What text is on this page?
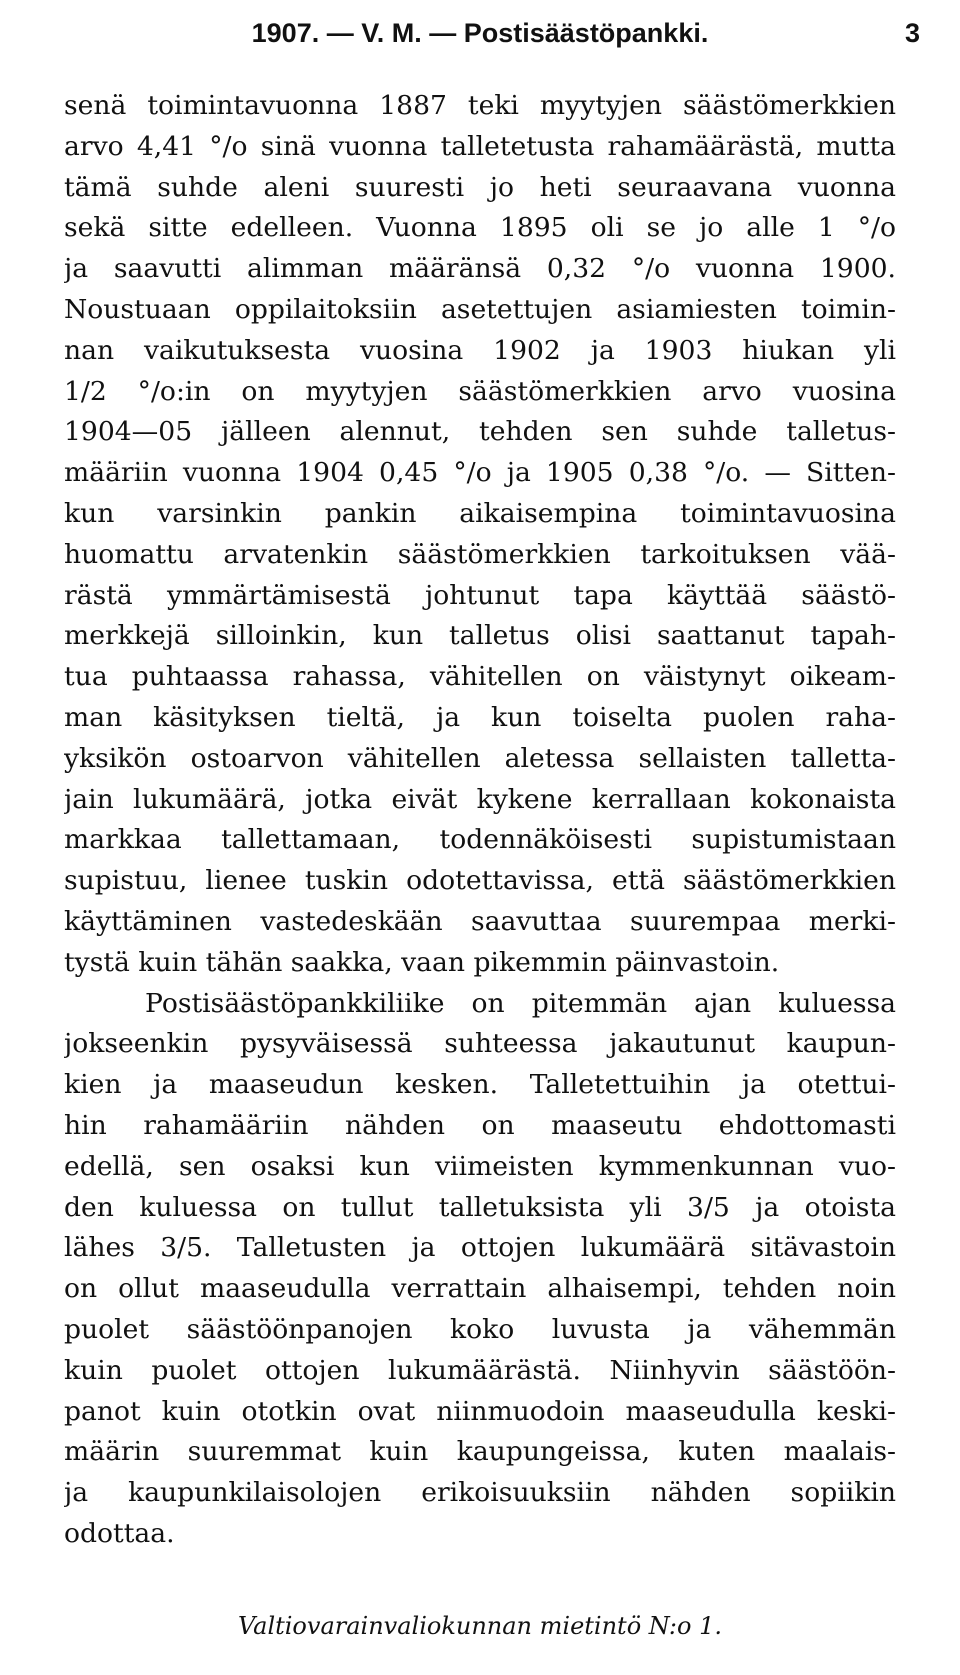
1907. — V. M. — Postisäästöpankki.	3
senä toimintavuonna 1887 teki myytyjen säästömerkkien
arvo 4,41 °/o sinä vuonna talletetusta rahamäärästä, mutta
tämä suhde aleni suuresti jo heti seuraavana vuonna
sekä sitte edelleen. Vuonna 1895 oli se jo alle 1 °/o
ja saavutti alimman määränsä 0,32 °/o vuonna 1900.
Noustuaan oppilaitoksiin asetettujen asiamiesten toimin-
nan vaikutuksesta vuosina 1902 ja 1903 hiukan yli
1/2 °/o:in on myytyjen säästömerkkien arvo vuosina
1904—05 jälleen alennut, tehden sen suhde talletus-
määriin vuonna 1904 0,45 °/o ja 1905 0,38 °/o. — Sitten-
kun varsinkin pankin aikaisempina toimintavuosina
huomattu arvatenkin säästömerkkien tarkoituksen vää-
rästä ymmärtämisestä johtunut tapa käyttää säästö-
merkkejä silloinkin, kun talletus olisi saattanut tapah-
tua puhtaassa rahassa, vähitellen on väistynyt oikeam-
man käsityksen tieltä, ja kun toiselta puolen raha-
yksikön ostoarvon vähitellen aletessa sellaisten talletta-
jain lukumäärä, jotka eivät kykene kerrallaan kokonaista
markkaa tallettamaan, todennäköisesti supistumistaan
supistuu, lienee tuskin odotettavissa, että säästömerkkien
käyttäminen vastedeskään saavuttaa suurempaa merki-
tystä kuin tähän saakka, vaan pikemmin päinvastoin.
Postisäästöpankkiliike on pitemmän ajan kuluessa
jokseenkin pysyväisessä suhteessa jakautunut kaupun-
kien ja maaseudun kesken. Talletettuihin ja otettui-
hin rahamääriin nähden on maaseutu ehdottomasti
edellä, sen osaksi kun viimeisten kymmenkunnan vuo-
den kuluessa on tullut talletuksista yli 3/5 ja otoista
lähes 3/5. Talletusten ja ottojen lukumäärä sitävastoin
on ollut maaseudulla verrattain alhaisempi, tehden noin
puolet säästöönpanojen koko luvusta ja vähemmän
kuin puolet ottojen lukumäärästä. Niinhyvin säästöön-
panot kuin ototkin ovat niinmuodoin maaseudulla keski-
määrin suuremmat kuin kaupungeissa, kuten maalais-
ja kaupunkilaisolojen erikoisuuksiin nähden sopiikin
odottaa.
Valtiovarainvaliokunnan mietintö N:o 1.
